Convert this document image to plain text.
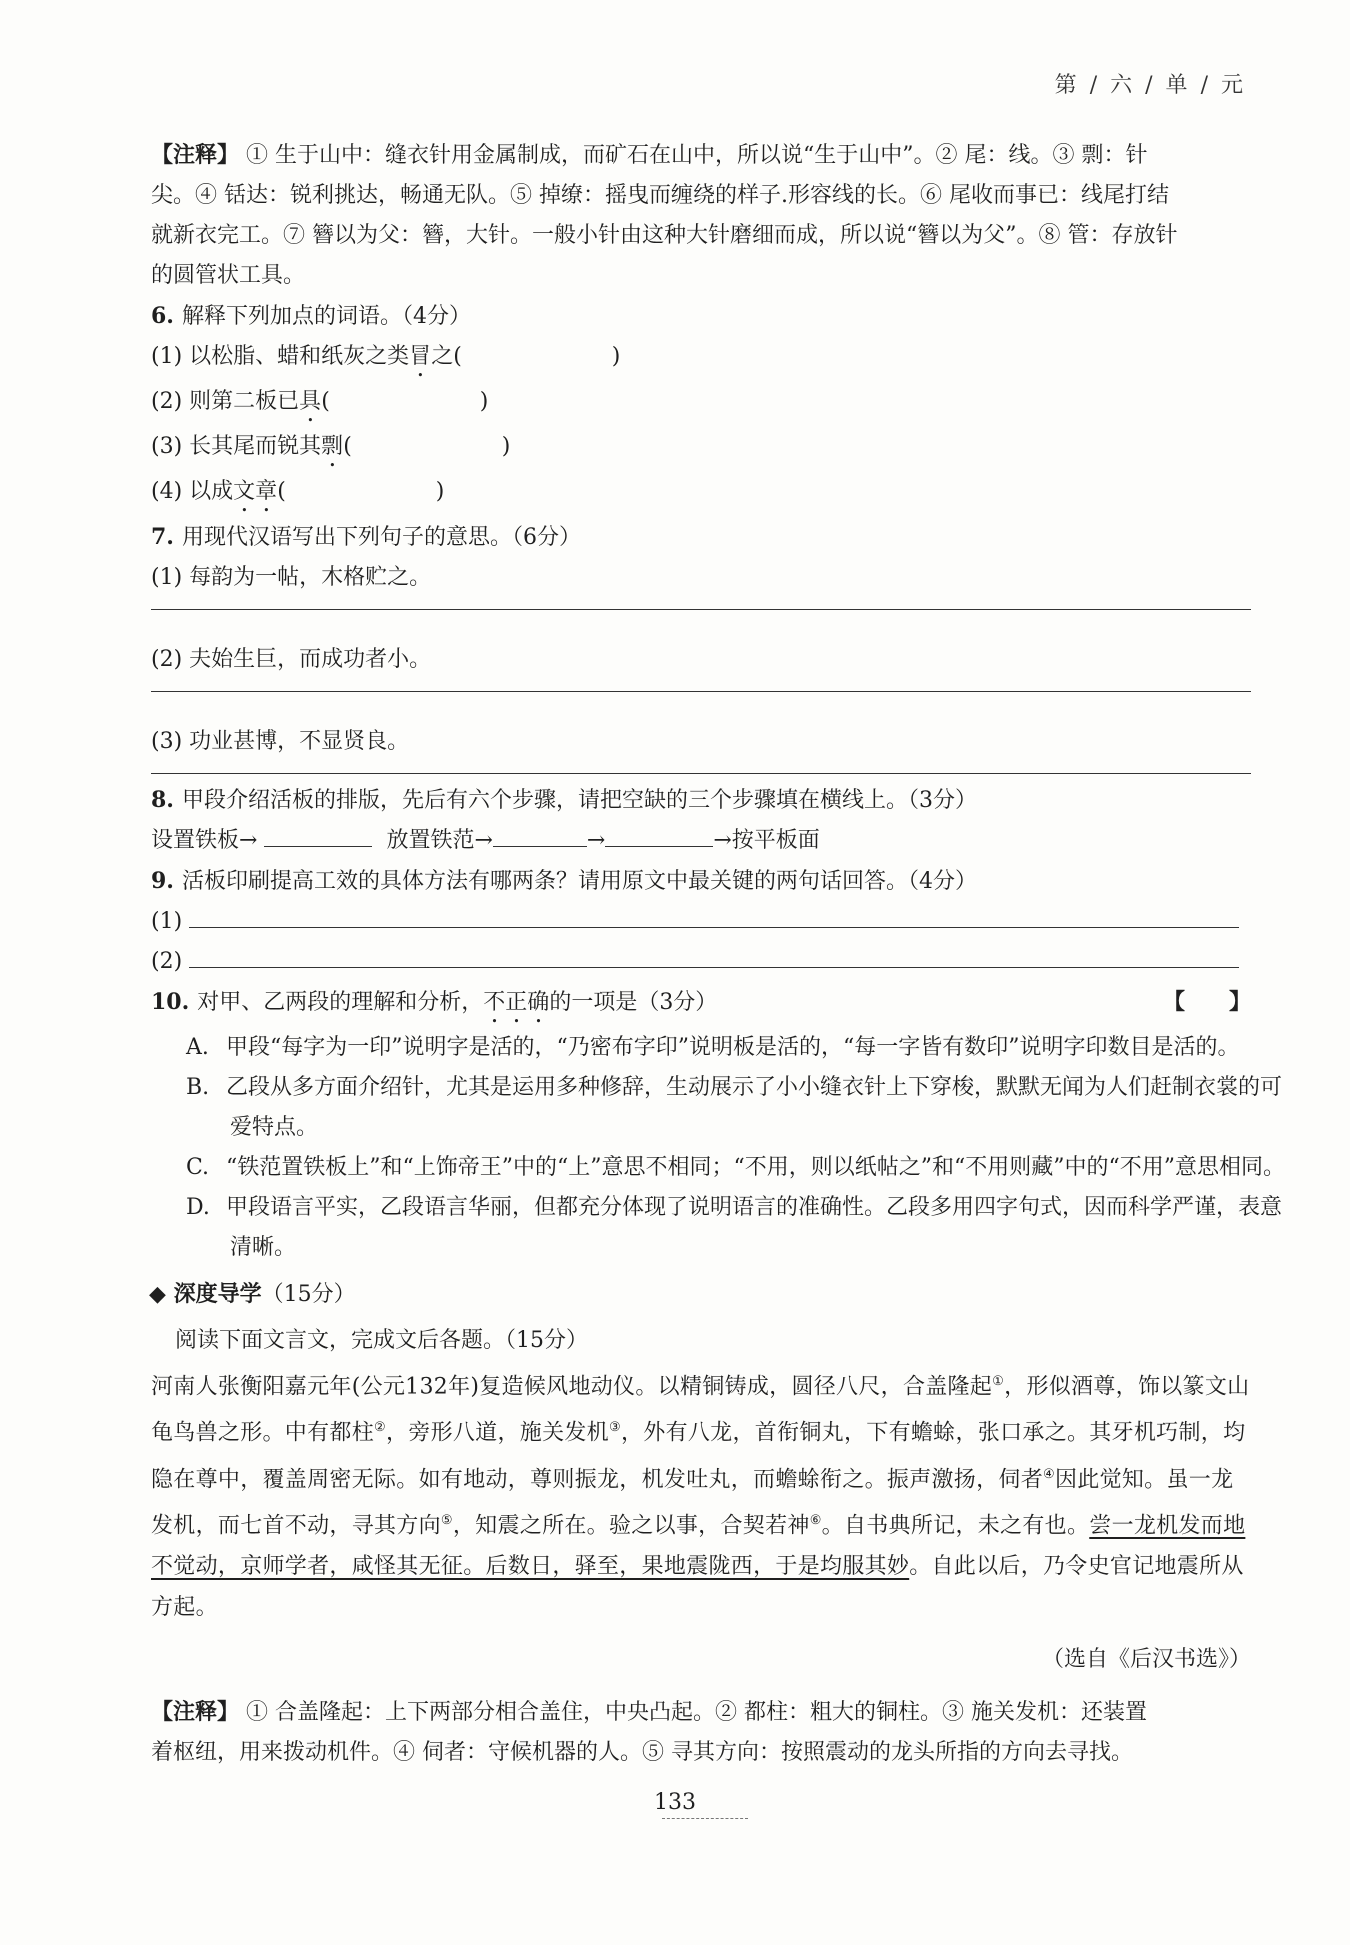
第 / 六 / 单 / 元
【注释】 ① 生于山中：缝衣针用金属制成，而矿石在山中，所以说“生于山中”。② 尾：线。③ 剽：针
尖。④ 铦达：锐利挑达，畅通无队。⑤ 掉缭：摇曳而缠绕的样子.形容线的长。⑥ 尾收而事已：线尾打结
就新衣完工。⑦ 簪以为父：簪，大针。一般小针由这种大针磨细而成，所以说“簪以为父”。⑧ 管：存放针
的圆管状工具。
6. 解释下列加点的词语。（4分）
(1) 以松脂、蜡和纸灰之类冒之(	)
(2) 则第二板已具(	)
(3) 长其尾而锐其剽(	)
(4) 以成文章(	)
7. 用现代汉语写出下列句子的意思。（6分）
(1) 每韵为一帖，木格贮之。
(2) 夫始生巨，而成功者小。
(3) 功业甚博，不显贤良。
8. 甲段介绍活板的排版，先后有六个步骤，请把空缺的三个步骤填在横线上。（3分）
设置铁板→	放置铁范→	→	→按平板面
9. 活板印刷提高工效的具体方法有哪两条？请用原文中最关键的两句话回答。（4分）
(1)
(2)
10. 对甲、乙两段的理解和分析，不正确的一项是（3分）	【　　】
A. 甲段“每字为一印”说明字是活的，“乃密布字印”说明板是活的，“每一字皆有数印”说明字印数目是活的。
B. 乙段从多方面介绍针，尤其是运用多种修辞，生动展示了小小缝衣针上下穿梭，默默无闻为人们赶制衣裳的可爱特点。
C. “铁范置铁板上”和“上饰帝王”中的“上”意思不相同；“不用，则以纸帖之”和“不用则藏”中的“不用”意思相同。
D. 甲段语言平实，乙段语言华丽，但都充分体现了说明语言的准确性。乙段多用四字句式，因而科学严谨，表意清晰。
◆ 深度导学（15分）
阅读下面文言文，完成文后各题。（15分）
河南人张衡阳嘉元年(公元132年)复造候风地动仪。以精铜铸成，圆径八尺，合盖隆起①，形似酒尊，饰以篆文山龟鸟兽之形。中有都柱②，旁形八道，施关发机③，外有八龙，首衔铜丸，下有蟾蜍，张口承之。其牙机巧制，均隐在尊中，覆盖周密无际。如有地动，尊则振龙，机发吐丸，而蟾蜍衔之。振声激扬，伺者④因此觉知。虽一龙发机，而七首不动，寻其方向⑤，知震之所在。验之以事，合契若神⑥。自书典所记，未之有也。尝一龙机发而地不觉动，京师学者，咸怪其无征。后数日，驿至，果地震陇西，于是均服其妙。自此以后，乃令史官记地震所从方起。
（选自《后汉书选》）
【注释】 ① 合盖隆起：上下两部分相合盖住，中央凸起。② 都柱：粗大的铜柱。③ 施关发机：还装置
着枢纽，用来拨动机件。④ 伺者：守候机器的人。⑤ 寻其方向：按照震动的龙头所指的方向去寻找。
133
